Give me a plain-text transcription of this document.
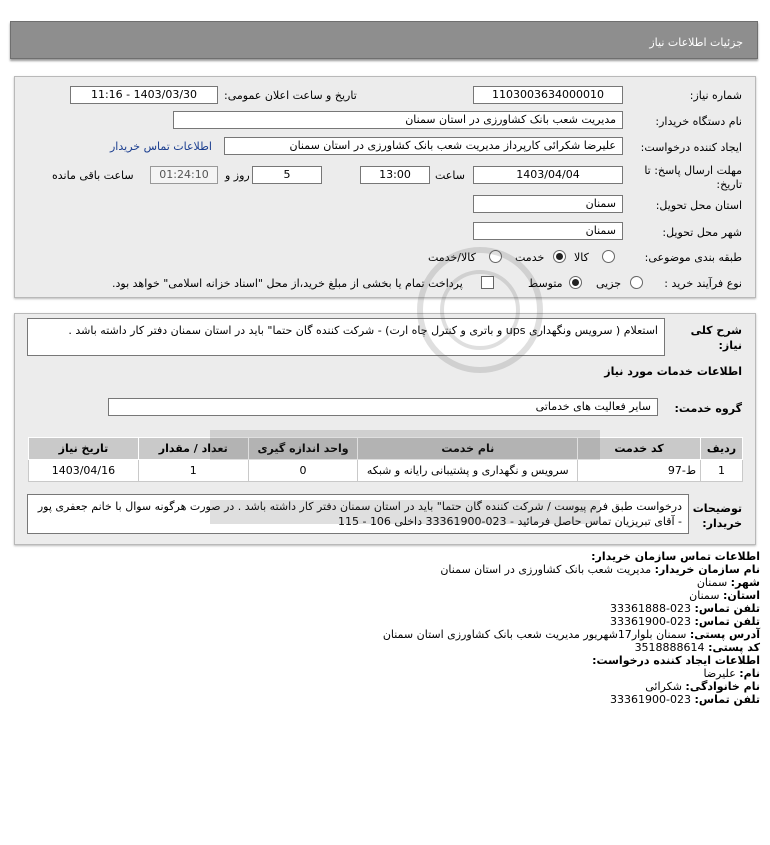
جزئیات اطلاعات نیاز
شماره نیاز:
1103003634000010
تاریخ و ساعت اعلان عمومی:
1403/03/30 - 11:16
نام دستگاه خریدار:
مدیریت شعب بانک کشاورزی در استان سمنان
ایجاد کننده درخواست:
علیرضا شکرائی کارپرداز مدیریت شعب بانک کشاورزی در استان سمنان
اطلاعات تماس خریدار
مهلت ارسال پاسخ: تا
تاریخ:
1403/04/04
ساعت
13:00
5
روز و
01:24:10
ساعت باقی مانده
استان محل تحویل:
سمنان
شهر محل تحویل:
سمنان
طبقه بندی موضوعی:
کالا
خدمت
کالا/خدمت
نوع فرآیند خرید :
جزیی
متوسط
پرداخت تمام یا بخشی از مبلغ خرید،از محل "اسناد خزانه اسلامی" خواهد بود.
شرح کلی
نیاز:
استعلام ( سرویس ونگهداری ups و باتری و کنترل چاه ارت) - شرکت کننده گان حتما" باید در استان سمنان دفتر کار داشته باشد .
اطلاعات خدمات مورد نیاز
گروه خدمت:
سایر فعالیت های خدماتی
ردیف	کد خدمت	نام خدمت	واحد اندازه گیری	تعداد / مقدار	تاریخ نیاز
1	ط-97	سرویس و نگهداری و پشتیبانی رایانه و شبکه	0	1	1403/04/16
توضیحات
خریدار:
درخواست طبق فرم پیوست / شرکت کننده گان حتما" باید در استان سمنان دفتر کار داشته باشد . در صورت هرگونه سوال با خانم جعفری پور - آقای تبریزیان تماس حاصل فرمائید - 023-33361900 داخلی 106 - 115
اطلاعات تماس سازمان خریدار:
نام سازمان خریدار: مدیریت شعب بانک کشاورزی در استان سمنان
شهر: سمنان
استان: سمنان
تلفن تماس: 023-33361888
تلفن تماس: 023-33361900
آدرس پستی: سمنان بلوار17شهریور مدیریت شعب بانک کشاورزی استان سمنان
کد پستی: 3518888614
اطلاعات ایجاد کننده درخواست:
نام: علیرضا
نام خانوادگی: شکرائی
تلفن تماس: 023-33361900
